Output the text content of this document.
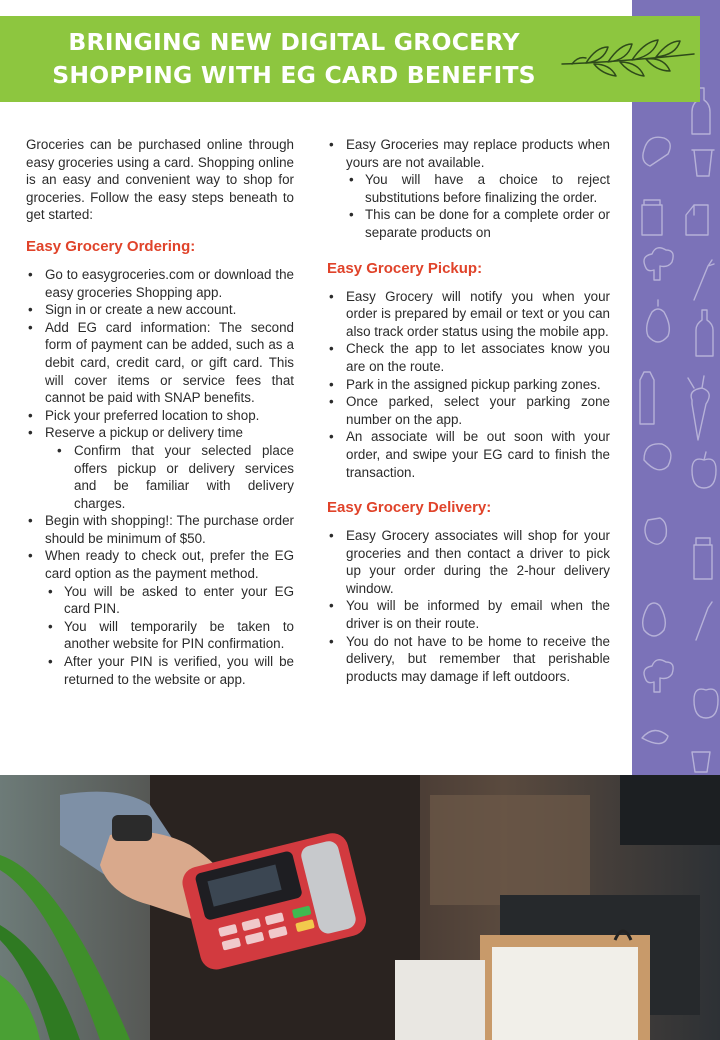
BRINGING NEW DIGITAL GROCERY
SHOPPING WITH EG CARD BENEFITS

Groceries can be purchased online through easy groceries using a card. Shopping online is an easy and convenient way to shop for groceries. Follow the easy steps beneath to get started:

Easy Grocery Ordering:
• Go to easygroceries.com or download the easy groceries Shopping app.
• Sign in or create a new account.
• Add EG card information: The second form of payment can be added, such as a debit card, credit card, or gift card. This will cover items or service fees that cannot be paid with SNAP benefits.
• Pick your preferred location to shop.
• Reserve a pickup or delivery time
• Confirm that your selected place offers pickup or delivery services and be familiar with delivery charges.
• Begin with shopping!: The purchase order should be minimum of $50.
• When ready to check out, prefer the EG card option as the payment method.
• You will be asked to enter your EG card PIN.
• You will temporarily be taken to another website for PIN confirmation.
• After your PIN is verified, you will be returned to the website or app.
• Easy Groceries may replace products when yours are not available.
• You will have a choice to reject substitutions before finalizing the order.
• This can be done for a complete order or separate products on
Easy Grocery Pickup:
• Easy Grocery will notify you when your order is prepared by email or text or you can also track order status using the mobile app.
• Check the app to let associates know you are on the route.
• Park in the assigned pickup parking zones.
• Once parked, select your parking zone number on the app.
• An associate will be out soon with your order, and swipe your EG card to finish the transaction.
Easy Grocery Delivery:
• Easy Grocery associates will shop for your groceries and then contact a driver to pick up your order during the 2-hour delivery window.
• You will be informed by email when the driver is on their route.
• You do not have to be home to receive the delivery, but remember that perishable products may damage if left outdoors.
